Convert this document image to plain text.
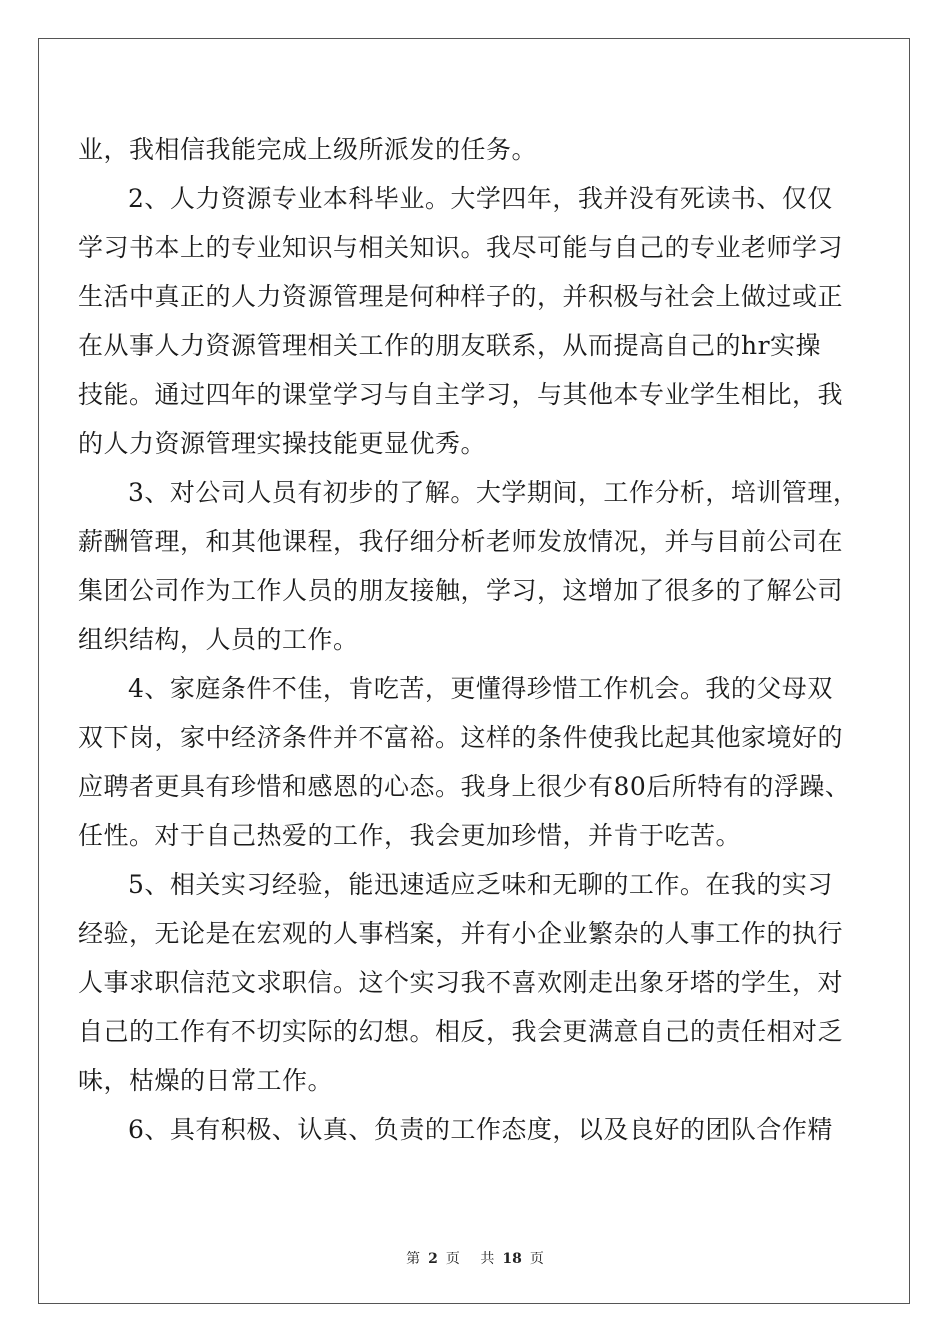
业，我相信我能完成上级所派发的任务。
2、人力资源专业本科毕业。大学四年，我并没有死读书、仅仅
学习书本上的专业知识与相关知识。我尽可能与自己的专业老师学习
生活中真正的人力资源管理是何种样子的，并积极与社会上做过或正
在从事人力资源管理相关工作的朋友联系，从而提高自己的hr实操
技能。通过四年的课堂学习与自主学习，与其他本专业学生相比，我
的人力资源管理实操技能更显优秀。
3、对公司人员有初步的了解。大学期间，工作分析，培训管理，
薪酬管理，和其他课程，我仔细分析老师发放情况，并与目前公司在
集团公司作为工作人员的朋友接触，学习，这增加了很多的了解公司
组织结构，人员的工作。
4、家庭条件不佳，肯吃苦，更懂得珍惜工作机会。我的父母双
双下岗，家中经济条件并不富裕。这样的条件使我比起其他家境好的
应聘者更具有珍惜和感恩的心态。我身上很少有80后所特有的浮躁、
任性。对于自己热爱的工作，我会更加珍惜，并肯于吃苦。
5、相关实习经验，能迅速适应乏味和无聊的工作。在我的实习
经验，无论是在宏观的人事档案，并有小企业繁杂的人事工作的执行
人事求职信范文求职信。这个实习我不喜欢刚走出象牙塔的学生，对
自己的工作有不切实际的幻想。相反，我会更满意自己的责任相对乏
味，枯燥的日常工作。
6、具有积极、认真、负责的工作态度，以及良好的团队合作精
第 2 页 共 18 页
